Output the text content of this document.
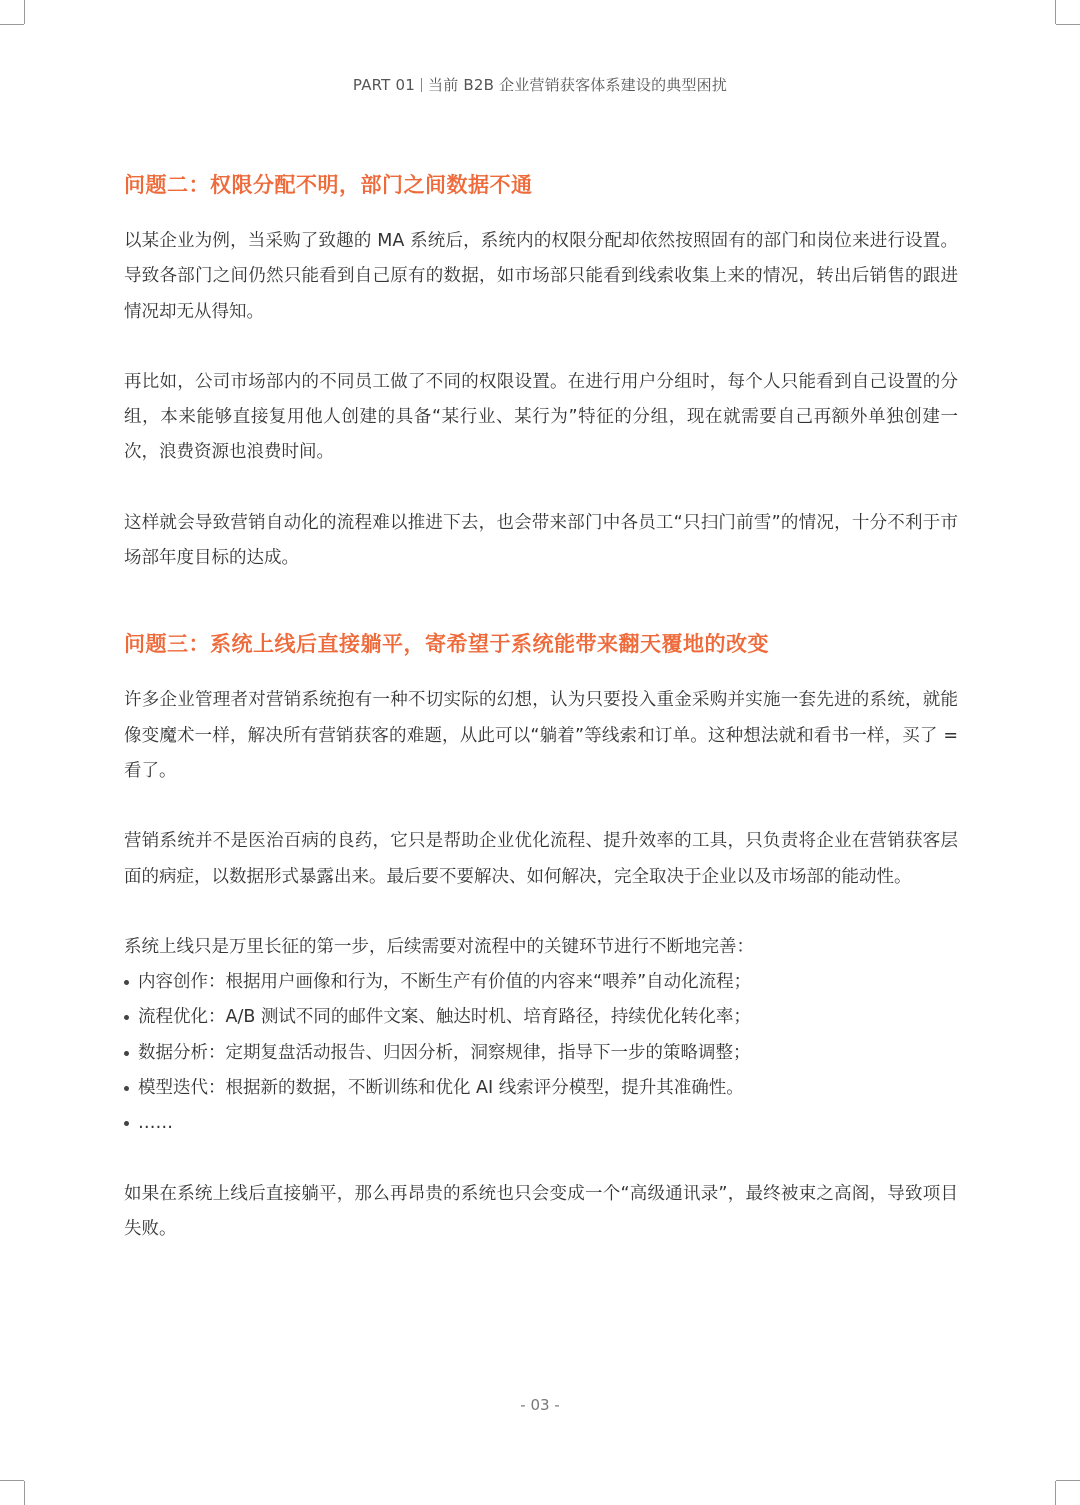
PART 01 当前 B2B 企业营销获客体系建设的典型困扰
问题二：权限分配不明，部门之间数据不通

以某企业为例，当采购了致趣的 MA 系统后，系统内的权限分配却依然按照固有的部门和岗位来进行设置。导致各部门之间仍然只能看到自己原有的数据，如市场部只能看到线索收集上来的情况，转出后销售的跟进情况却无从得知。

再比如，公司市场部内的不同员工做了不同的权限设置。在进行用户分组时，每个人只能看到自己设置的分组，本来能够直接复用他人创建的具备“某行业、某行为”特征的分组，现在就需要自己再额外单独创建一次，浪费资源也浪费时间。

这样就会导致营销自动化的流程难以推进下去，也会带来部门中各员工“只扫门前雪”的情况，十分不利于市场部年度目标的达成。

问题三：系统上线后直接躺平，寄希望于系统能带来翻天覆地的改变

许多企业管理者对营销系统抱有一种不切实际的幻想，认为只要投入重金采购并实施一套先进的系统，就能像变魔术一样，解决所有营销获客的难题，从此可以“躺着”等线索和订单。这种想法就和看书一样，买了 = 看了。

营销系统并不是医治百病的良药，它只是帮助企业优化流程、提升效率的工具，只负责将企业在营销获客层面的病症，以数据形式暴露出来。最后要不要解决、如何解决，完全取决于企业以及市场部的能动性。

系统上线只是万里长征的第一步，后续需要对流程中的关键环节进行不断地完善：

内容创作：根据用户画像和行为，不断生产有价值的内容来“喂养”自动化流程；
流程优化：A/B 测试不同的邮件文案、触达时机、培育路径，持续优化转化率；
数据分析：定期复盘活动报告、归因分析，洞察规律，指导下一步的策略调整；
模型迭代：根据新的数据，不断训练和优化 AI 线索评分模型，提升其准确性。
……

如果在系统上线后直接躺平，那么再昂贵的系统也只会变成一个“高级通讯录”，最终被束之高阁，导致项目失败。

- 03 -
